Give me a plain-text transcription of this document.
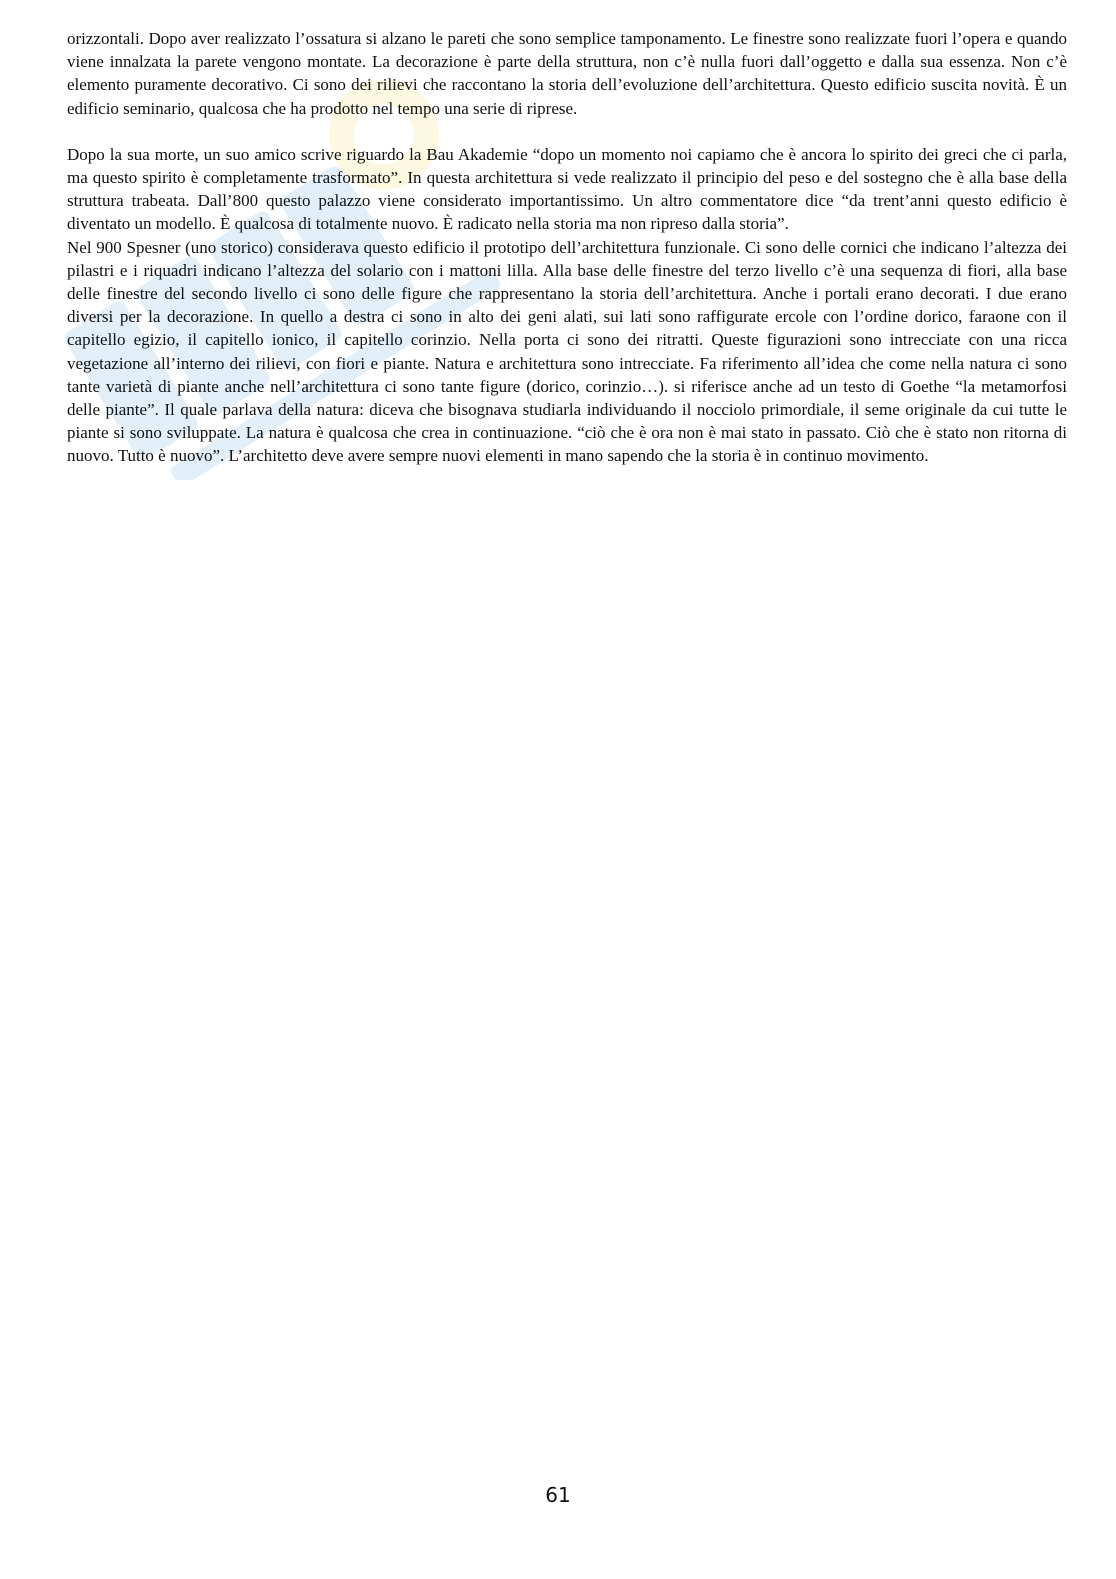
orizzontali. Dopo aver realizzato l’ossatura si alzano le pareti che sono semplice tamponamento. Le finestre sono realizzate fuori l’opera e quando viene innalzata la parete vengono montate. La decorazione è parte della struttura, non c’è nulla fuori dall’oggetto e dalla sua essenza. Non c’è elemento puramente decorativo. Ci sono dei rilievi che raccontano la storia dell’evoluzione dell’architettura. Questo edificio suscita novità. È un edificio seminario, qualcosa che ha prodotto nel tempo una serie di riprese.

Dopo la sua morte, un suo amico scrive riguardo la Bau Akademie “dopo un momento noi capiamo che è ancora lo spirito dei greci che ci parla, ma questo spirito è completamente trasformato”. In questa architettura si vede realizzato il principio del peso e del sostegno che è alla base della struttura trabeata. Dall’800 questo palazzo viene considerato importantissimo. Un altro commentatore dice “da trent’anni questo edificio è diventato un modello. È qualcosa di totalmente nuovo. È radicato nella storia ma non ripreso dalla storia”.

Nel 900 Spesner (uno storico) considerava questo edificio il prototipo dell’architettura funzionale. Ci sono delle cornici che indicano l’altezza dei pilastri e i riquadri indicano l’altezza del solario con i mattoni lilla. Alla base delle finestre del terzo livello c’è una sequenza di fiori, alla base delle finestre del secondo livello ci sono delle figure che rappresentano la storia dell’architettura. Anche i portali erano decorati. I due erano diversi per la decorazione. In quello a destra ci sono in alto dei geni alati, sui lati sono raffigurate ercole con l’ordine dorico, faraone con il capitello egizio, il capitello ionico, il capitello corinzio. Nella porta ci sono dei ritratti. Queste figurazioni sono intrecciate con una ricca vegetazione all’interno dei rilievi, con fiori e piante. Natura e architettura sono intrecciate. Fa riferimento all’idea che come nella natura ci sono tante varietà di piante anche nell’architettura ci sono tante figure (dorico, corinzio…). si riferisce anche ad un testo di Goethe “la metamorfosi delle piante”. Il quale parlava della natura: diceva che bisognava studiarla individuando il nocciolo primordiale, il seme originale da cui tutte le piante si sono sviluppate. La natura è qualcosa che crea in continuazione. “ciò che è ora non è mai stato in passato. Ciò che è stato non ritorna di nuovo. Tutto è nuovo”. L’architetto deve avere sempre nuovi elementi in mano sapendo che la storia è in continuo movimento.

61
